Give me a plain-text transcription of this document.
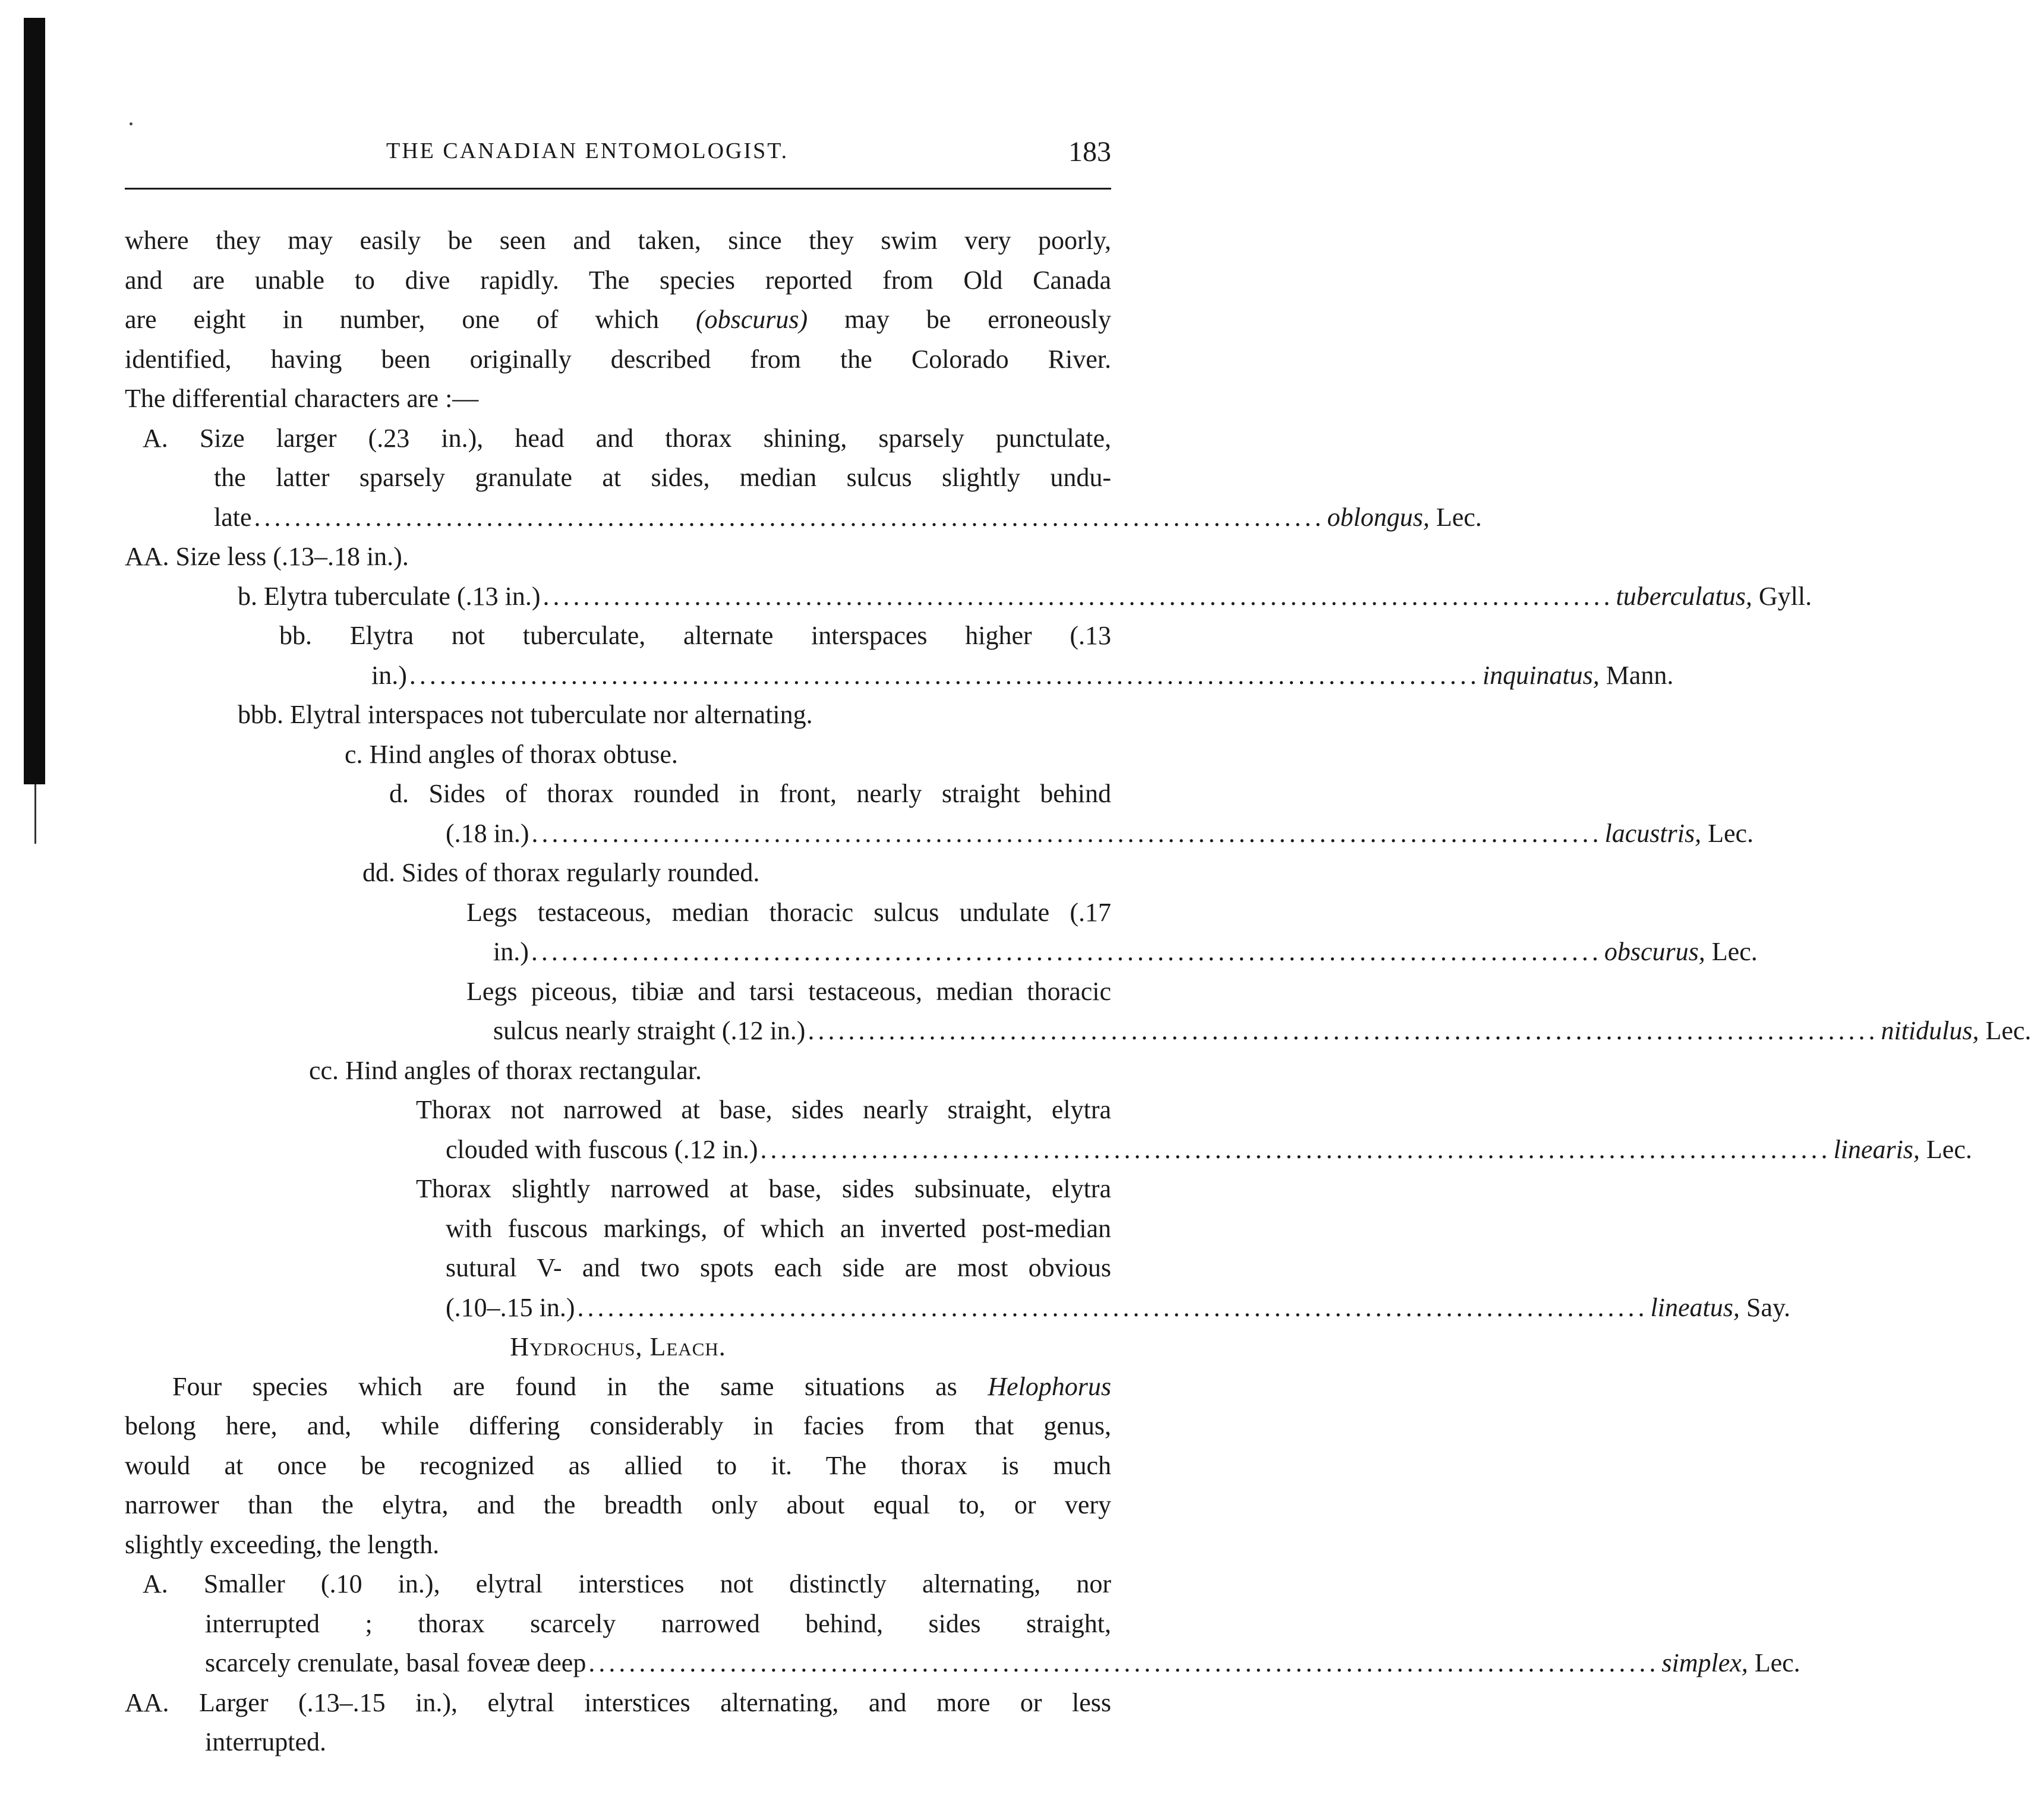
THE CANADIAN ENTOMOLOGIST.	183
where they may easily be seen and taken, since they swim very poorly,
and are unable to dive rapidly. The species reported from Old Canada
are eight in number, one of which (obscurus) may be erroneously
identified, having been originally described from the Colorado River.
The differential characters are :—
A. Size larger (.23 in.), head and thorax shining, sparsely punctulate,
the latter sparsely granulate at sides, median sulcus slightly undu-
late .......................................................................................................... oblongus,
Lec.
AA. Size less (.13–.18 in.).
b. Elytra tuberculate (.13 in.) .......................................................................................................... tuberculatus,
Gyll.
bb. Elytra not tuberculate, alternate interspaces higher (.13
in.) .......................................................................................................... inquinatus,
Mann.
bbb. Elytral interspaces not tuberculate nor alternating.
c. Hind angles of thorax obtuse.
d. Sides of thorax rounded in front, nearly straight behind
(.18 in.) .......................................................................................................... lacustris,
Lec.
dd. Sides of thorax regularly rounded.
Legs testaceous, median thoracic sulcus undulate (.17
in.) .......................................................................................................... obscurus,
Lec.
Legs piceous, tibiæ and tarsi testaceous, median thoracic
sulcus nearly straight (.12 in.) .......................................................................................................... nitidulus,
Lec.
cc. Hind angles of thorax rectangular.
Thorax not narrowed at base, sides nearly straight, elytra
clouded with fuscous (.12 in.) .......................................................................................................... linearis,
Lec.
Thorax slightly narrowed at base, sides subsinuate, elytra
with fuscous markings, of which an inverted post-median
sutural V- and two spots each side are most obvious
(.10–.15 in.) .......................................................................................................... lineatus,
Say.
Hydrochus, Leach.
Four species which are found in the same situations as Helophorus
belong here, and, while differing considerably in facies from that genus,
would at once be recognized as allied to it. The thorax is much
narrower than the elytra, and the breadth only about equal to, or very
slightly exceeding, the length.
A. Smaller (.10 in.), elytral interstices not distinctly alternating, nor
interrupted ; thorax scarcely narrowed behind, sides straight,
scarcely crenulate, basal foveæ deep .......................................................................................................... simplex,
Lec.
AA. Larger (.13–.15 in.), elytral interstices alternating, and more or less
interrupted.
